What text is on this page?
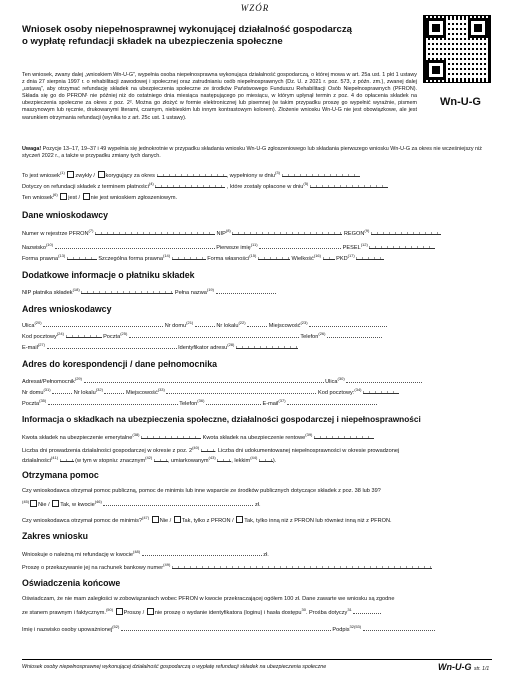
WZÓR
Wniosek osoby niepełnosprawnej wykonującej działalność gospodarczą
o wypłatę refundacji składek na ubezpieczenia społeczne
Wn-U-G
Ten wniosek, zwany dalej „wnioskiem Wn-U-G”, wypełnia osoba niepełnosprawna wykonująca działalność gospodarczą, o której mowa w art. 25a ust. 1 pkt 1 ustawy z dnia 27 sierpnia 1997 r. o rehabilitacji zawodowej i społecznej oraz zatrudnianiu osób niepełnosprawnych (Dz. U. z 2021 r. poz. 573, z późn. zm.), zwanej dalej „ustawą”, aby otrzymać refundację składek na ubezpieczenia społeczne ze środków Państwowego Funduszu Rehabilitacji Osób Niepełnosprawnych (PFRON). Składa się go do PFRON¹ nie później niż do ostatniego dnia miesiąca następującego po miesiącu, w którym upłynął termin z poz. 4 do opłacenia składek na ubezpieczenia społeczne za okres z poz. 2². Można go złożyć w formie elektronicznej lub pisemnej (w takim przypadku proszę go wypełnić wyraźnie, pismem maszynowym lub ręcznie, drukowanymi literami, czarnym, niebieskim lub innym kontrastowym kolorem). Złożenie wniosku Wn-U-G nie jest obowiązkowe, ale jest warunkiem otrzymania refundacji (wynika to z art. 25c ust. 1 ustawy).
Uwaga! Pozycje 13–17, 19–37 i 49 wypełnia się jednokrotnie w przypadku składania wniosku Wn-U-G zgłoszeniowego lub składania pierwszego wniosku Wn-U-G za okres nie wcześniejszy niż styczeń 2022 r., a także w przypadku zmiany tych danych.
To jest wniosek$^{(1)}$ zwykły / korygujący za okres	, wypełniony w dniu$^{(3)}$
Dotyczy on refundacji składek z terminem płatności$^{(4)}$  , które zostały opłacone w dniu$^{(5)}$
Ten wniosek$^{(6)}$ jest / nie jest wnioskiem zgłoszeniowym.
Dane wnioskodawcy
Numer w rejestrze PFRON$^{(7)}$  NIP$^{(8)}$  REGON$^{(9)}$
Nazwisko$^{(10)}$  Pierwsze imię$^{(11)}$  PESEL$^{(12)}$
Forma prawna$^{(13)}$  Szczególna forma prawna$^{(14)}$  Forma własności$^{(15)}$  Wielkość$^{(16)}$  PKD$^{(17)}$
Dodatkowe informacje o płatniku składek
NIP płatnika składek$^{(18)}$  Pełna nazwa$^{(19)}$
Adres wnioskodawcy
Ulica$^{(20)}$  Nr domu$^{(21)}$  Nr lokalu$^{(22)}$  Miejscowość$^{(23)}$
Kod pocztowy$^{(24)}$  Poczta$^{(25)}$  Telefon$^{(26)}$
E-mail$^{(27)}$  Identyfikator adresu$^{(28)}$
Adres do korespondencji / dane pełnomocnika
Adresat/Pełnomocnik$^{(29)}$  Ulica$^{(30)}$
Nr domu$^{(31)}$  Nr lokalu$^{(32)}$  Miejscowość$^{(33)}$  Kod pocztowy:$^{(34)}$
Poczta$^{(35)}$  Telefon$^{(36)}$  E-mail$^{(37)}$
Informacja o składkach na ubezpieczenia społeczne, działalności gospodarczej i niepełnosprawności
Kwota składek na ubezpieczenie emerytalne$^{(38)}$  Kwota składek na ubezpieczenie rentowe$^{(39)}$
Liczba dni prowadzenia działalności gospodarczej w okresie z poz. 2$^{(40)}$ . Liczba dni udokumentowanej niepełnosprawności w okresie prowadzonej
działalności$^{(41)}$  (w tym w stopniu: znacznym$^{(42)}$ , umiarkowanym$^{(43)}$ , lekkim$^{(44)}$ ).
Otrzymana pomoc
Czy wnioskodawca otrzymał pomoc publiczną, pomoc de minimis lub inne wsparcie ze środków publicznych dotyczące składek z poz. 38 lub 39?
$^{(45)}$Nie / Tak, w kwocie$^{(46)}$  zł.
Czy wnioskodawca otrzymał pomoc de minimis?$^{(47)}$ Nie / Tak, tylko z PFRON / Tak, tylko inną niż z PFRON lub również inną niż z PFRON.
Zakres wniosku
Wnioskuje o należną mi refundację w kwocie$^{(48)}$  zł.
Proszę o przekazywanie jej na rachunek bankowy numer$^{(49)}$
Oświadczenia końcowe
Oświadczam, że nie mam zaległości w zobowiązaniach wobec PFRON w kwocie przekraczającej ogółem 100 zł. Dane zawarte we wniosku są zgodne
ze stanem prawnym i faktycznym.$^{(50)}$ Proszę / nie proszę o wydanie identyfikatora (loginu) i hasła dostępu$^{30}$. Prośba dotyczy$^{31}$
Imię i nazwisko osoby upoważnionej$^{(52)}$  Podpis$^{32(53)}$
Wniosek osoby niepełnosprawnej wykonującej działalność gospodarczą o wypłatę refundacji składek na ubezpieczenia społeczne	Wn-U-G str. 1/1
